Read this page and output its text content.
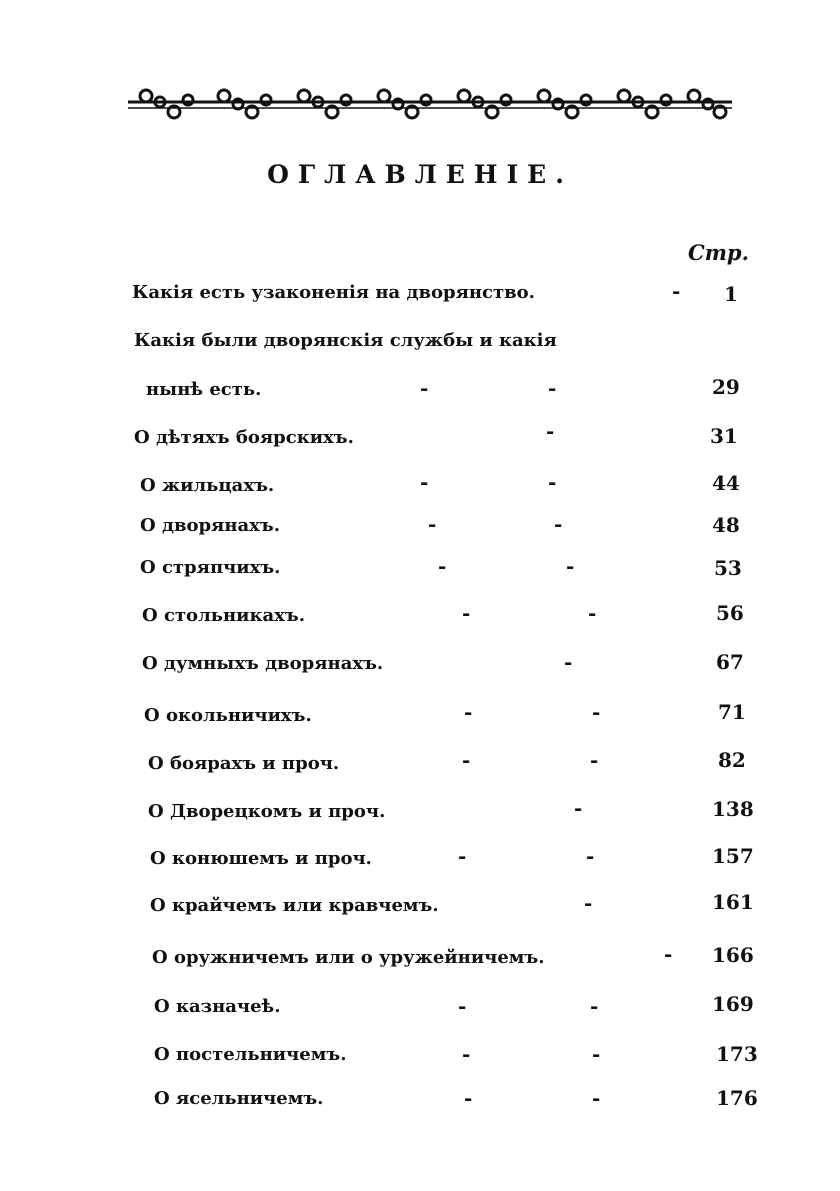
ОГЛАВЛЕНІЕ.
Стр.
Какія есть узаконенія на дворянство.	- 1
Какія были дворянскія службы и какія
нынѣ есть.	-	-	29
О дѣтяхъ боярскихъ.	-	31
О жильцахъ.	-	-	44
О дворянахъ.	-	-	48
О стряпчихъ.	-	-	53
О стольникахъ.	-	-	56
О думныхъ дворянахъ.	-	67
О окольничихъ.	-	-	71
О боярахъ и проч.	-	-	82
О Дворецкомъ и проч.	-	138
О конюшемъ и проч.	-	-	157
О крайчемъ или кравчемъ.	-	161
О оружничемъ или о уружейничемъ.	- 166
О казначеѣ.	-	-	169
О постельничемъ.	-	-	173
О ясельничемъ.	-	-	176
